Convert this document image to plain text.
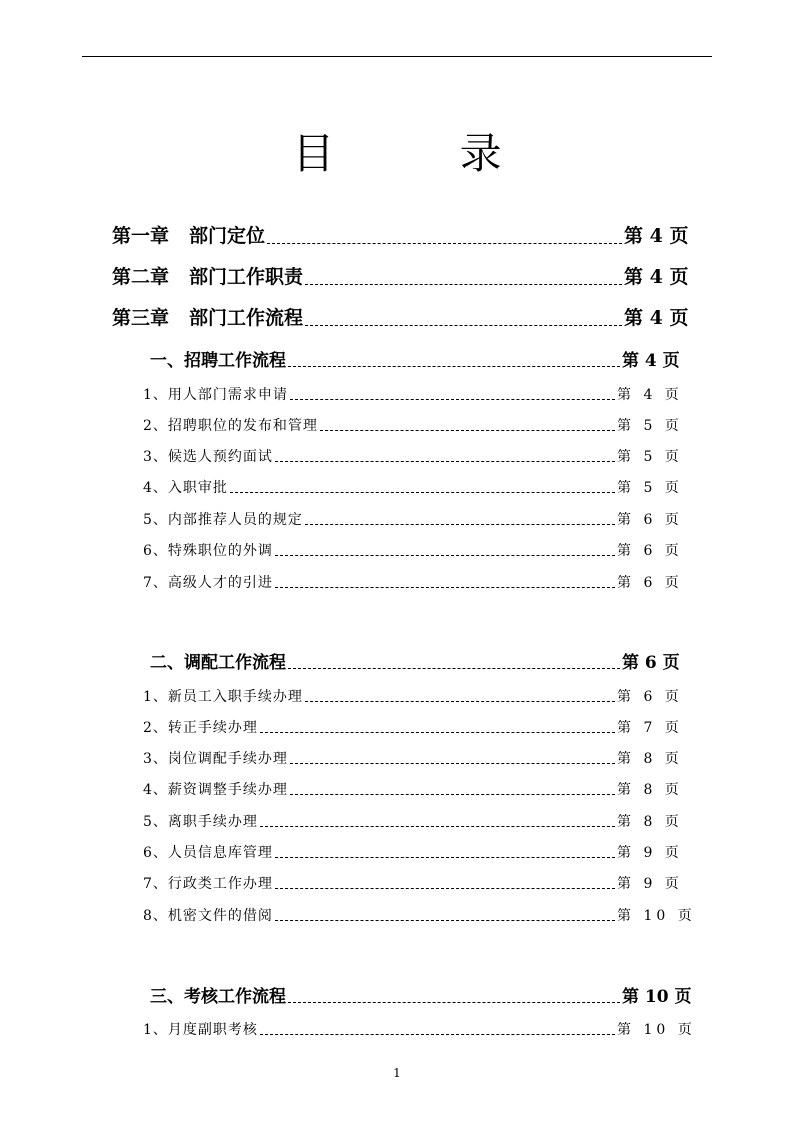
目 录
第一章 部门定位	第 4 页
第二章 部门工作职责	第 4 页
第三章 部门工作流程	第 4 页
一、招聘工作流程	第 4 页
1、用人部门需求申请	第 4 页
2、招聘职位的发布和管理	第 5 页
3、候选人预约面试	第 5 页
4、入职审批	第 5 页
5、内部推荐人员的规定	第 6 页
6、特殊职位的外调	第 6 页
7、高级人才的引进	第 6 页
二、调配工作流程	第 6 页
1、新员工入职手续办理	第 6 页
2、转正手续办理	第 7 页
3、岗位调配手续办理	第 8 页
4、薪资调整手续办理	第 8 页
5、离职手续办理	第 8 页
6、人员信息库管理	第 9 页
7、行政类工作办理	第 9 页
8、机密文件的借阅	第 10 页
三、考核工作流程	第 10 页
1、月度副职考核	第 10 页
1
